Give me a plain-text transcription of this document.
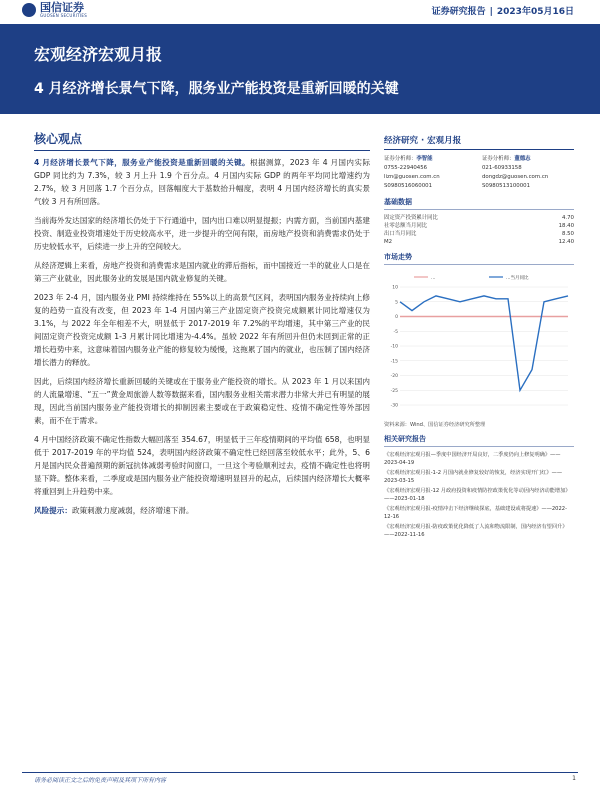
国信证券
GUOSEN SECURITIES	证券研究报告 | 2023年05月16日
宏观经济宏观月报
4 月经济增长景气下降，服务业产能投资是重新回暖的关键
核心观点

4 月经济增长景气下降，服务业产能投资是重新回暖的关键。根据测算，2023 年 4 月国内实际 GDP 同比约为 7.3%，较 3 月上升 1.9 个百分点。4 月国内实际 GDP 的两年平均同比增速约为 2.7%，较 3 月回落 1.7 个百分点，回落幅度大于基数抬升幅度，表明 4 月国内经济增长的真实景气较 3 月有所回落。

当前海外发达国家的经济增长仍处于下行通道中，国内出口难以明显提振；内需方面，当前国内基建投资、制造业投资增速处于历史较高水平，进一步提升的空间有限，而房地产投资和消费需求仍处于历史较低水平，后续进一步上升的空间较大。

从经济逻辑上来看，房地产投资和消费需求是国内就业的滞后指标，而中国接近一半的就业人口是在第三产业就业，因此服务业的发展是国内就业修复的关键。

2023 年 2-4 月，国内服务业 PMI 持续维持在 55%以上的高景气区间，表明国内服务业持续向上修复的趋势一直没有改变，但 2023 年 1-4 月国内第三产业固定资产投资完成额累计同比增速仅为 3.1%，与 2022 年全年相差不大，明显低于 2017-2019 年 7.2%的平均增速，其中第三产业的民间固定资产投资完成额 1-3 月累计同比增速为-4.4%。虽较 2022 年有所回升但仍未回到正常的正增长趋势中来，这意味着国内服务业产能的修复较为缓慢，这拖累了国内的就业，也压制了国内经济增长潜力的释放。

因此，后续国内经济增长重新回暖的关键或在于服务业产能投资的增长。从 2023 年 1 月以来国内的人流量增速、“五一”黄金周旅游人数等数据来看，国内服务业相关需求潜力非常大并已有明显的展现，因此当前国内服务业产能投资增长的抑制因素主要或在于政策稳定性、疫情不确定性等外部因素，而不在于需求。

4 月中国经济政策不确定性指数大幅回落至 354.67，明显低于三年疫情期间的平均值 658，也明显低于 2017-2019 年的平均值 524，表明国内经济政策不确定性已经回落至较低水平；此外，5、6 月是国内民众普遍预期的新冠抗体减弱考验时间窗口，一旦这个考验顺利过去，疫情不确定性也将明显下降。整体来看，二季度或是国内服务业产能投资增速明显回升的起点，后续国内经济增长大概率将重回到上升趋势中来。

风险提示：政策刺激力度减弱，经济增速下滑。

经济研究 · 宏观月报
证券分析师：李智能
0755-22940456
lizn@guosen.com.cn
S0980516060001
证券分析师：董德志
021-60933158
dongdz@guosen.com.cn
S0980513100001
基础数据
固定资产投资累计同比	4.70
社零总额当月同比	18.40
出口当月同比	8.50
M2	12.40
市场走势
…	…当月同比
10
5
0
-5
-10
-15
-20
-25
-30
资料来源：Wind、国信证券经济研究所整理
相关研究报告
《宏观经济宏观月报—季度中国经济开局良好，二季度仍向上修复明确》——2023-04-19
《宏观经济宏观月报-1-2 月国内就业修复较好的恢复，经济实现开门红》——2023-03-15
《宏观经济宏观月报-12 月政府投资和疫情防控政策优化等动因内经济动能增加》——2023-01-18
《宏观经济宏观月报-疫情冲击下经济继续探底，基础建设或将提速》——2022-12-16
《宏观经济宏观月报-防疫政策优化降低了人流和物流限制，国内经济有望回升》——2022-11-16
请务必阅读正文之后的免责声明及其项下所有内容	1
